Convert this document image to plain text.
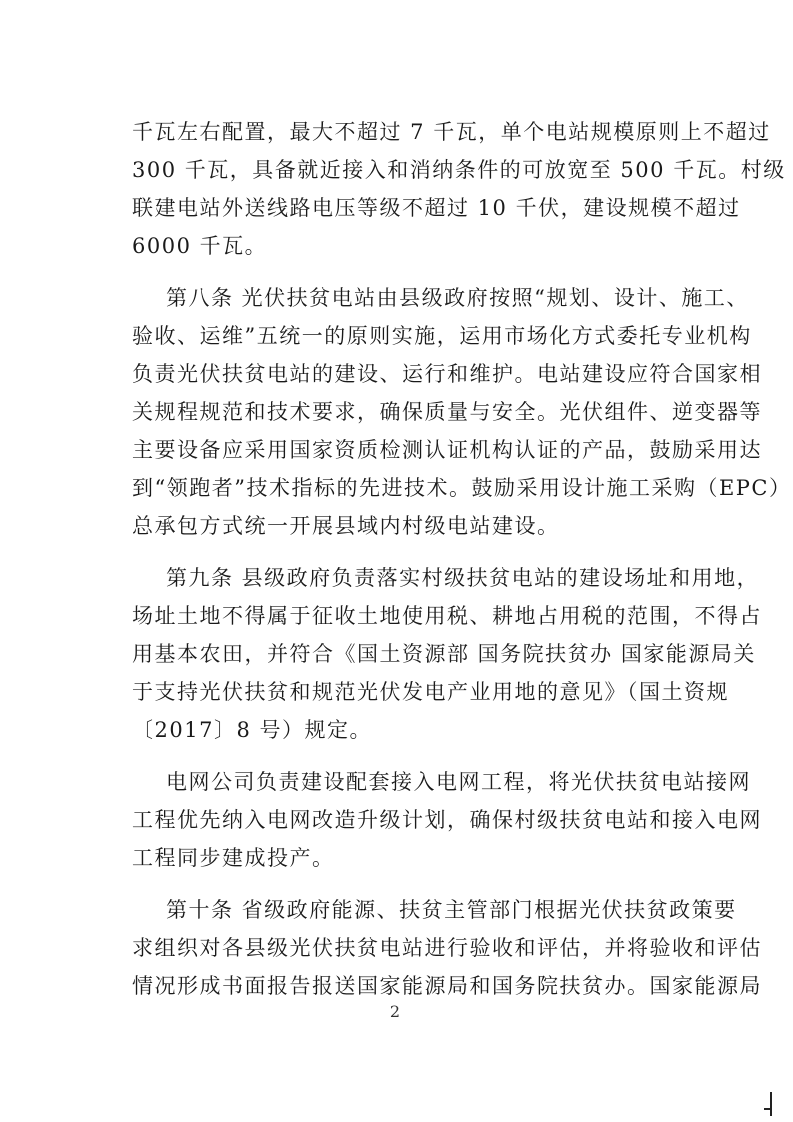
千瓦左右配置，最大不超过 7 千瓦，单个电站规模原则上不超过
300 千瓦，具备就近接入和消纳条件的可放宽至 500 千瓦。村级
联建电站外送线路电压等级不超过 10 千伏，建设规模不超过
6000 千瓦。
第八条 光伏扶贫电站由县级政府按照“规划、设计、施工、
验收、运维”五统一的原则实施，运用市场化方式委托专业机构
负责光伏扶贫电站的建设、运行和维护。电站建设应符合国家相
关规程规范和技术要求，确保质量与安全。光伏组件、逆变器等
主要设备应采用国家资质检测认证机构认证的产品，鼓励采用达
到“领跑者”技术指标的先进技术。鼓励采用设计施工采购（EPC）
总承包方式统一开展县域内村级电站建设。
第九条 县级政府负责落实村级扶贫电站的建设场址和用地，
场址土地不得属于征收土地使用税、耕地占用税的范围，不得占
用基本农田，并符合《国土资源部 国务院扶贫办 国家能源局关
于支持光伏扶贫和规范光伏发电产业用地的意见》（国土资规
〔2017〕8 号）规定。
电网公司负责建设配套接入电网工程，将光伏扶贫电站接网
工程优先纳入电网改造升级计划，确保村级扶贫电站和接入电网
工程同步建成投产。
第十条 省级政府能源、扶贫主管部门根据光伏扶贫政策要
求组织对各县级光伏扶贫电站进行验收和评估，并将验收和评估
情况形成书面报告报送国家能源局和国务院扶贫办。国家能源局
2
